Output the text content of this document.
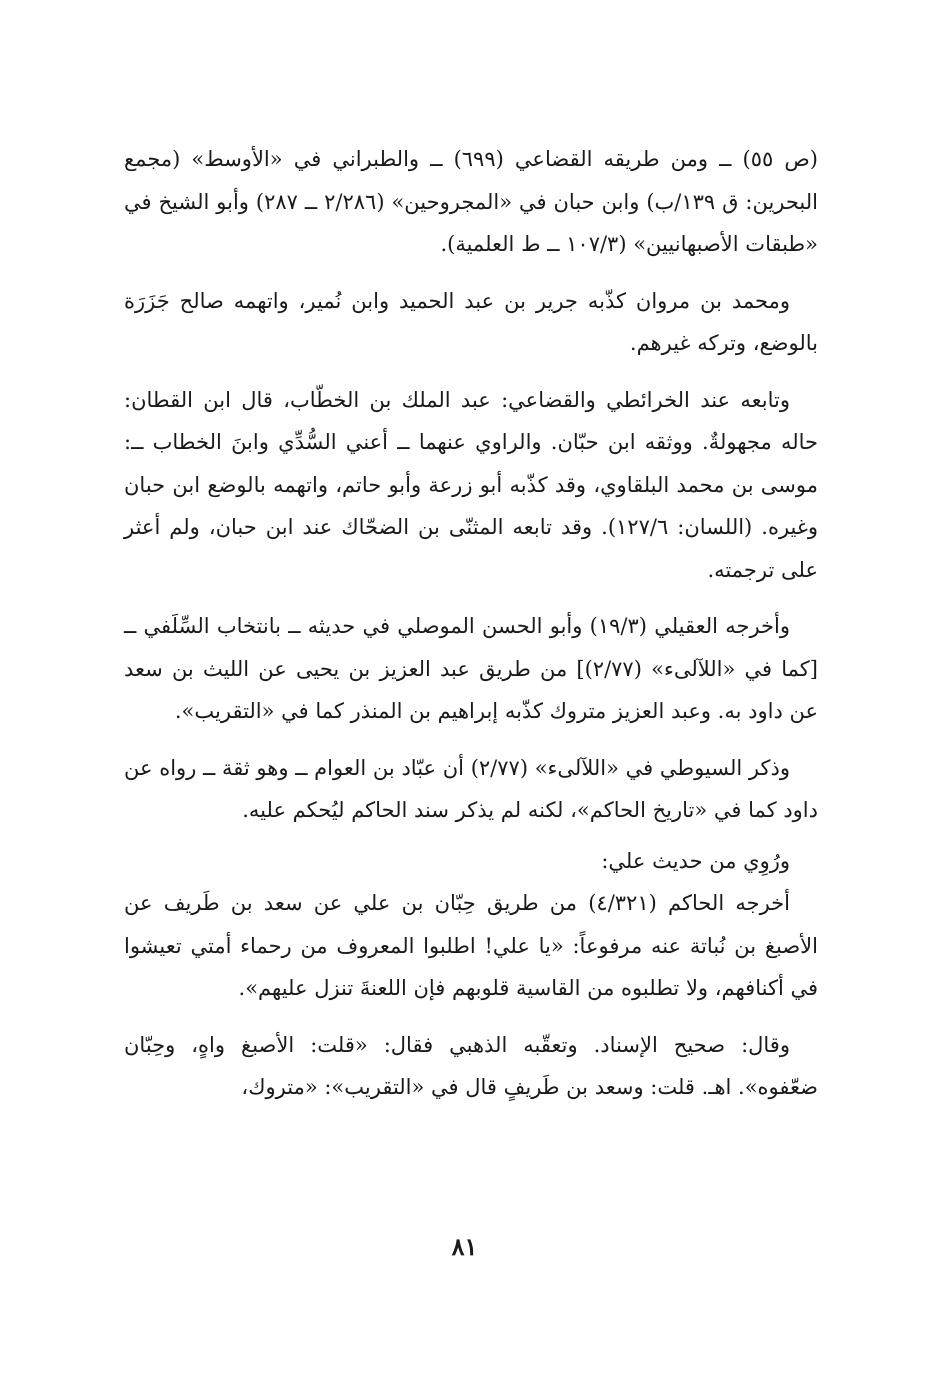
(ص ٥٥) ــ ومن طريقه القضاعي (٦٩٩) ــ والطبراني في «الأوسط» (مجمع البحرين: ق ١٣٩/ب) وابن حبان في «المجروحين» (٢/٢٨٦ ــ ٢٨٧) وأبو الشيخ في «طبقات الأصبهانيين» (١٠٧/٣ ــ ط العلمية).

ومحمد بن مروان كذّبه جرير بن عبد الحميد وابن نُمير، واتهمه صالح جَزَرَة بالوضع، وتركه غيرهم.

وتابعه عند الخرائطي والقضاعي: عبد الملك بن الخطّاب، قال ابن القطان: حاله مجهولةٌ. ووثقه ابن حبّان. والراوي عنهما ــ أعني السُّدِّي وابنَ الخطاب ــ: موسى بن محمد البلقاوي، وقد كذّبه أبو زرعة وأبو حاتم، واتهمه بالوضع ابن حبان وغيره. (اللسان: ١٢٧/٦). وقد تابعه المثنّى بن الضحّاك عند ابن حبان، ولم أعثر على ترجمته.

وأخرجه العقيلي (١٩/٣) وأبو الحسن الموصلي في حديثه ــ بانتخاب السِّلَفي ــ [كما في «اللآلىء» (٢/٧٧)] من طريق عبد العزيز بن يحيى عن الليث بن سعد عن داود به. وعبد العزيز متروك كذّبه إبراهيم بن المنذر كما في «التقريب».

وذكر السيوطي في «اللآلىء» (٢/٧٧) أن عبّاد بن العوام ــ وهو ثقة ــ رواه عن داود كما في «تاريخ الحاكم»، لكنه لم يذكر سند الحاكم ليُحكم عليه.

ورُوِي من حديث علي:

أخرجه الحاكم (٤/٣٢١) من طريق حِبّان بن علي عن سعد بن طَريف عن الأصبغ بن نُباتة عنه مرفوعاً: «يا علي! اطلبوا المعروف من رحماء أمتي تعيشوا في أكنافهم، ولا تطلبوه من القاسية قلوبهم فإن اللعنةَ تنزل عليهم».

وقال: صحيح الإسناد. وتعقّبه الذهبي فقال: «قلت: الأصبغ واهٍ، وحِبّان ضعّفوه». اهـ. قلت: وسعد بن طَريفٍ قال في «التقريب»: «متروك،

٨١
